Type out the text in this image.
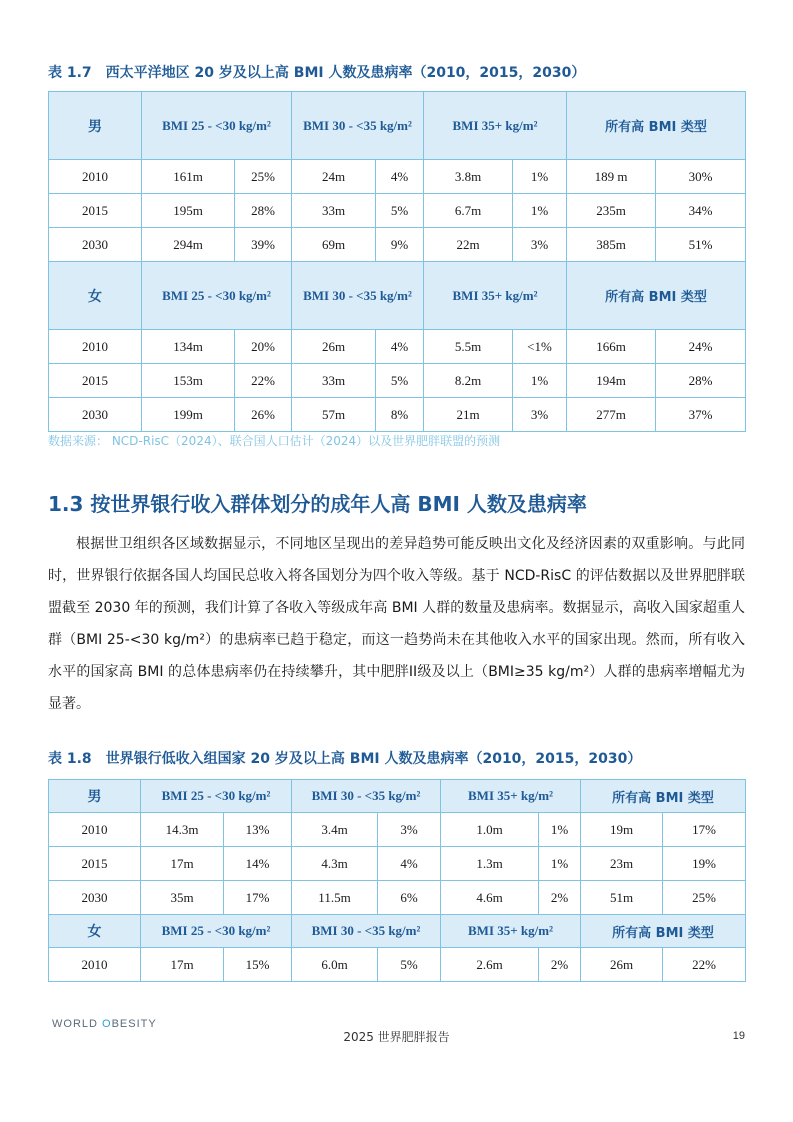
表 1.7　西太平洋地区 20 岁及以上高 BMI 人数及患病率（2010，2015，2030）
男	BMI 25 - <30 kg/m²		BMI 30 - <35 kg/m²		BMI 35+ kg/m²		所有高 BMI 类型	
2010	161m	25%	24m	4%	3.8m	1%	189 m	30%
2015	195m	28%	33m	5%	6.7m	1%	235m	34%
2030	294m	39%	69m	9%	22m	3%	385m	51%
女	BMI 25 - <30 kg/m²		BMI 30 - <35 kg/m²		BMI 35+ kg/m²		所有高 BMI 类型	
2010	134m	20%	26m	4%	5.5m	<1%	166m	24%
2015	153m	22%	33m	5%	8.2m	1%	194m	28%
2030	199m	26%	57m	8%	21m	3%	277m	37%
数据来源： NCD-RisC（2024）、联合国人口估计（2024）以及世界肥胖联盟的预测
1.3 按世界银行收入群体划分的成年人高 BMI 人数及患病率

根据世卫组织各区域数据显示，不同地区呈现出的差异趋势可能反映出文化及经济因素的双重影响。与此同时，世界银行依据各国人均国民总收入将各国划分为四个收入等级。基于 NCD-RisC 的评估数据以及世界肥胖联盟截至 2030 年的预测，我们计算了各收入等级成年高 BMI 人群的数量及患病率。数据显示，高收入国家超重人群（BMI 25-<30 kg/m²）的患病率已趋于稳定，而这一趋势尚未在其他收入水平的国家出现。然而，所有收入水平的国家高 BMI 的总体患病率仍在持续攀升，其中肥胖II级及以上（BMI≥35 kg/m²）人群的患病率增幅尤为显著。

表 1.8　世界银行低收入组国家 20 岁及以上高 BMI 人数及患病率（2010，2015，2030）
男	BMI 25 - <30 kg/m²		BMI 30 - <35 kg/m²		BMI 35+ kg/m²		所有高 BMI 类型	
2010	14.3m	13%	3.4m	3%	1.0m	1%	19m	17%
2015	17m	14%	4.3m	4%	1.3m	1%	23m	19%
2030	35m	17%	11.5m	6%	4.6m	2%	51m	25%
女	BMI 25 - <30 kg/m²		BMI 30 - <35 kg/m²		BMI 35+ kg/m²		所有高 BMI 类型	
2010	17m	15%	6.0m	5%	2.6m	2%	26m	22%
WORLD OBESITY
2025 世界肥胖报告	19
